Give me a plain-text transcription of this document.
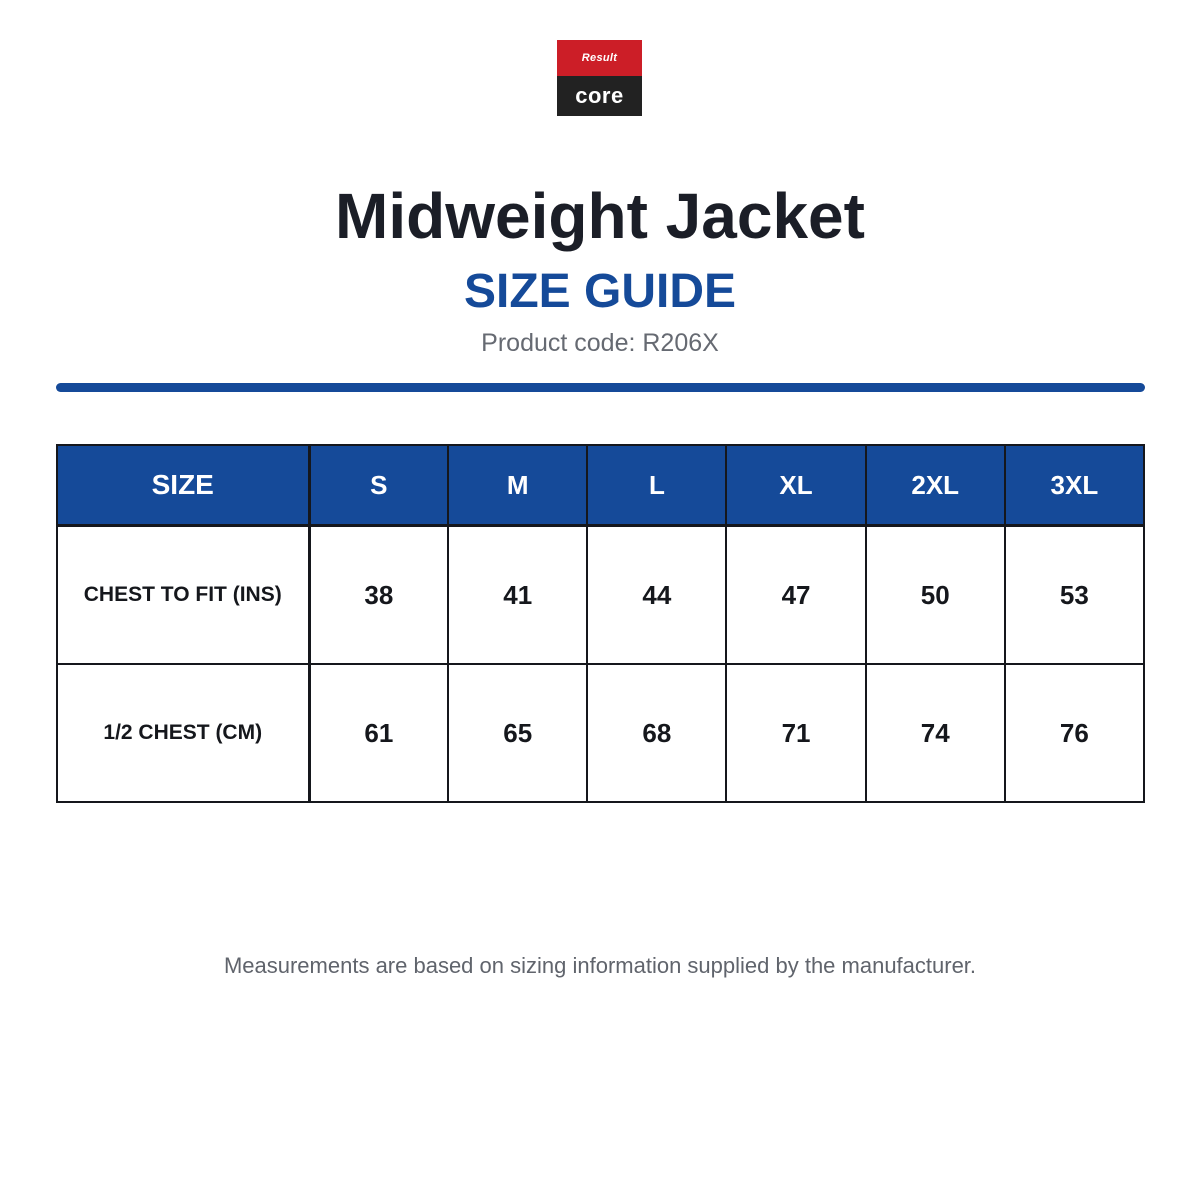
Result
core
Midweight Jacket
SIZE GUIDE
Product code: R206X
SIZE	S	M	L	XL	2XL	3XL
CHEST TO FIT (INS)	38	41	44	47	50	53
1/2 CHEST (CM)	61	65	68	71	74	76
Measurements are based on sizing information supplied by the manufacturer.
